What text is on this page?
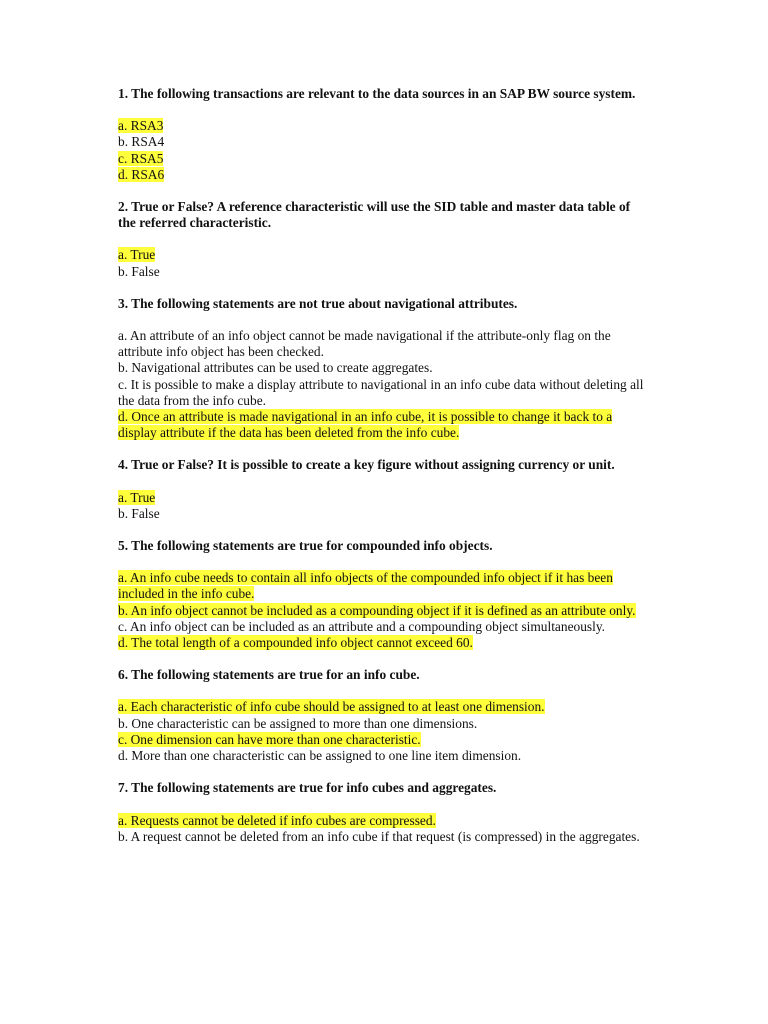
1. The following transactions are relevant to the data sources in an SAP BW source system.
a. RSA3
b. RSA4
c. RSA5
d. RSA6
2. True or False? A reference characteristic will use the SID table and master data table of the referred characteristic.
a. True
b. False
3. The following statements are not true about navigational attributes.
a. An attribute of an info object cannot be made navigational if the attribute-only flag on the attribute info object has been checked.
b. Navigational attributes can be used to create aggregates.
c. It is possible to make a display attribute to navigational in an info cube data without deleting all the data from the info cube.
d. Once an attribute is made navigational in an info cube, it is possible to change it back to a display attribute if the data has been deleted from the info cube.
4. True or False? It is possible to create a key figure without assigning currency or unit.
a. True
b. False
5. The following statements are true for compounded info objects.
a. An info cube needs to contain all info objects of the compounded info object if it has been included in the info cube.
b. An info object cannot be included as a compounding object if it is defined as an attribute only.
c. An info object can be included as an attribute and a compounding object simultaneously.
d. The total length of a compounded info object cannot exceed 60.
6. The following statements are true for an info cube.
a. Each characteristic of info cube should be assigned to at least one dimension.
b. One characteristic can be assigned to more than one dimensions.
c. One dimension can have more than one characteristic.
d. More than one characteristic can be assigned to one line item dimension.
7. The following statements are true for info cubes and aggregates.
a. Requests cannot be deleted if info cubes are compressed.
b. A request cannot be deleted from an info cube if that request (is compressed) in the aggregates.
